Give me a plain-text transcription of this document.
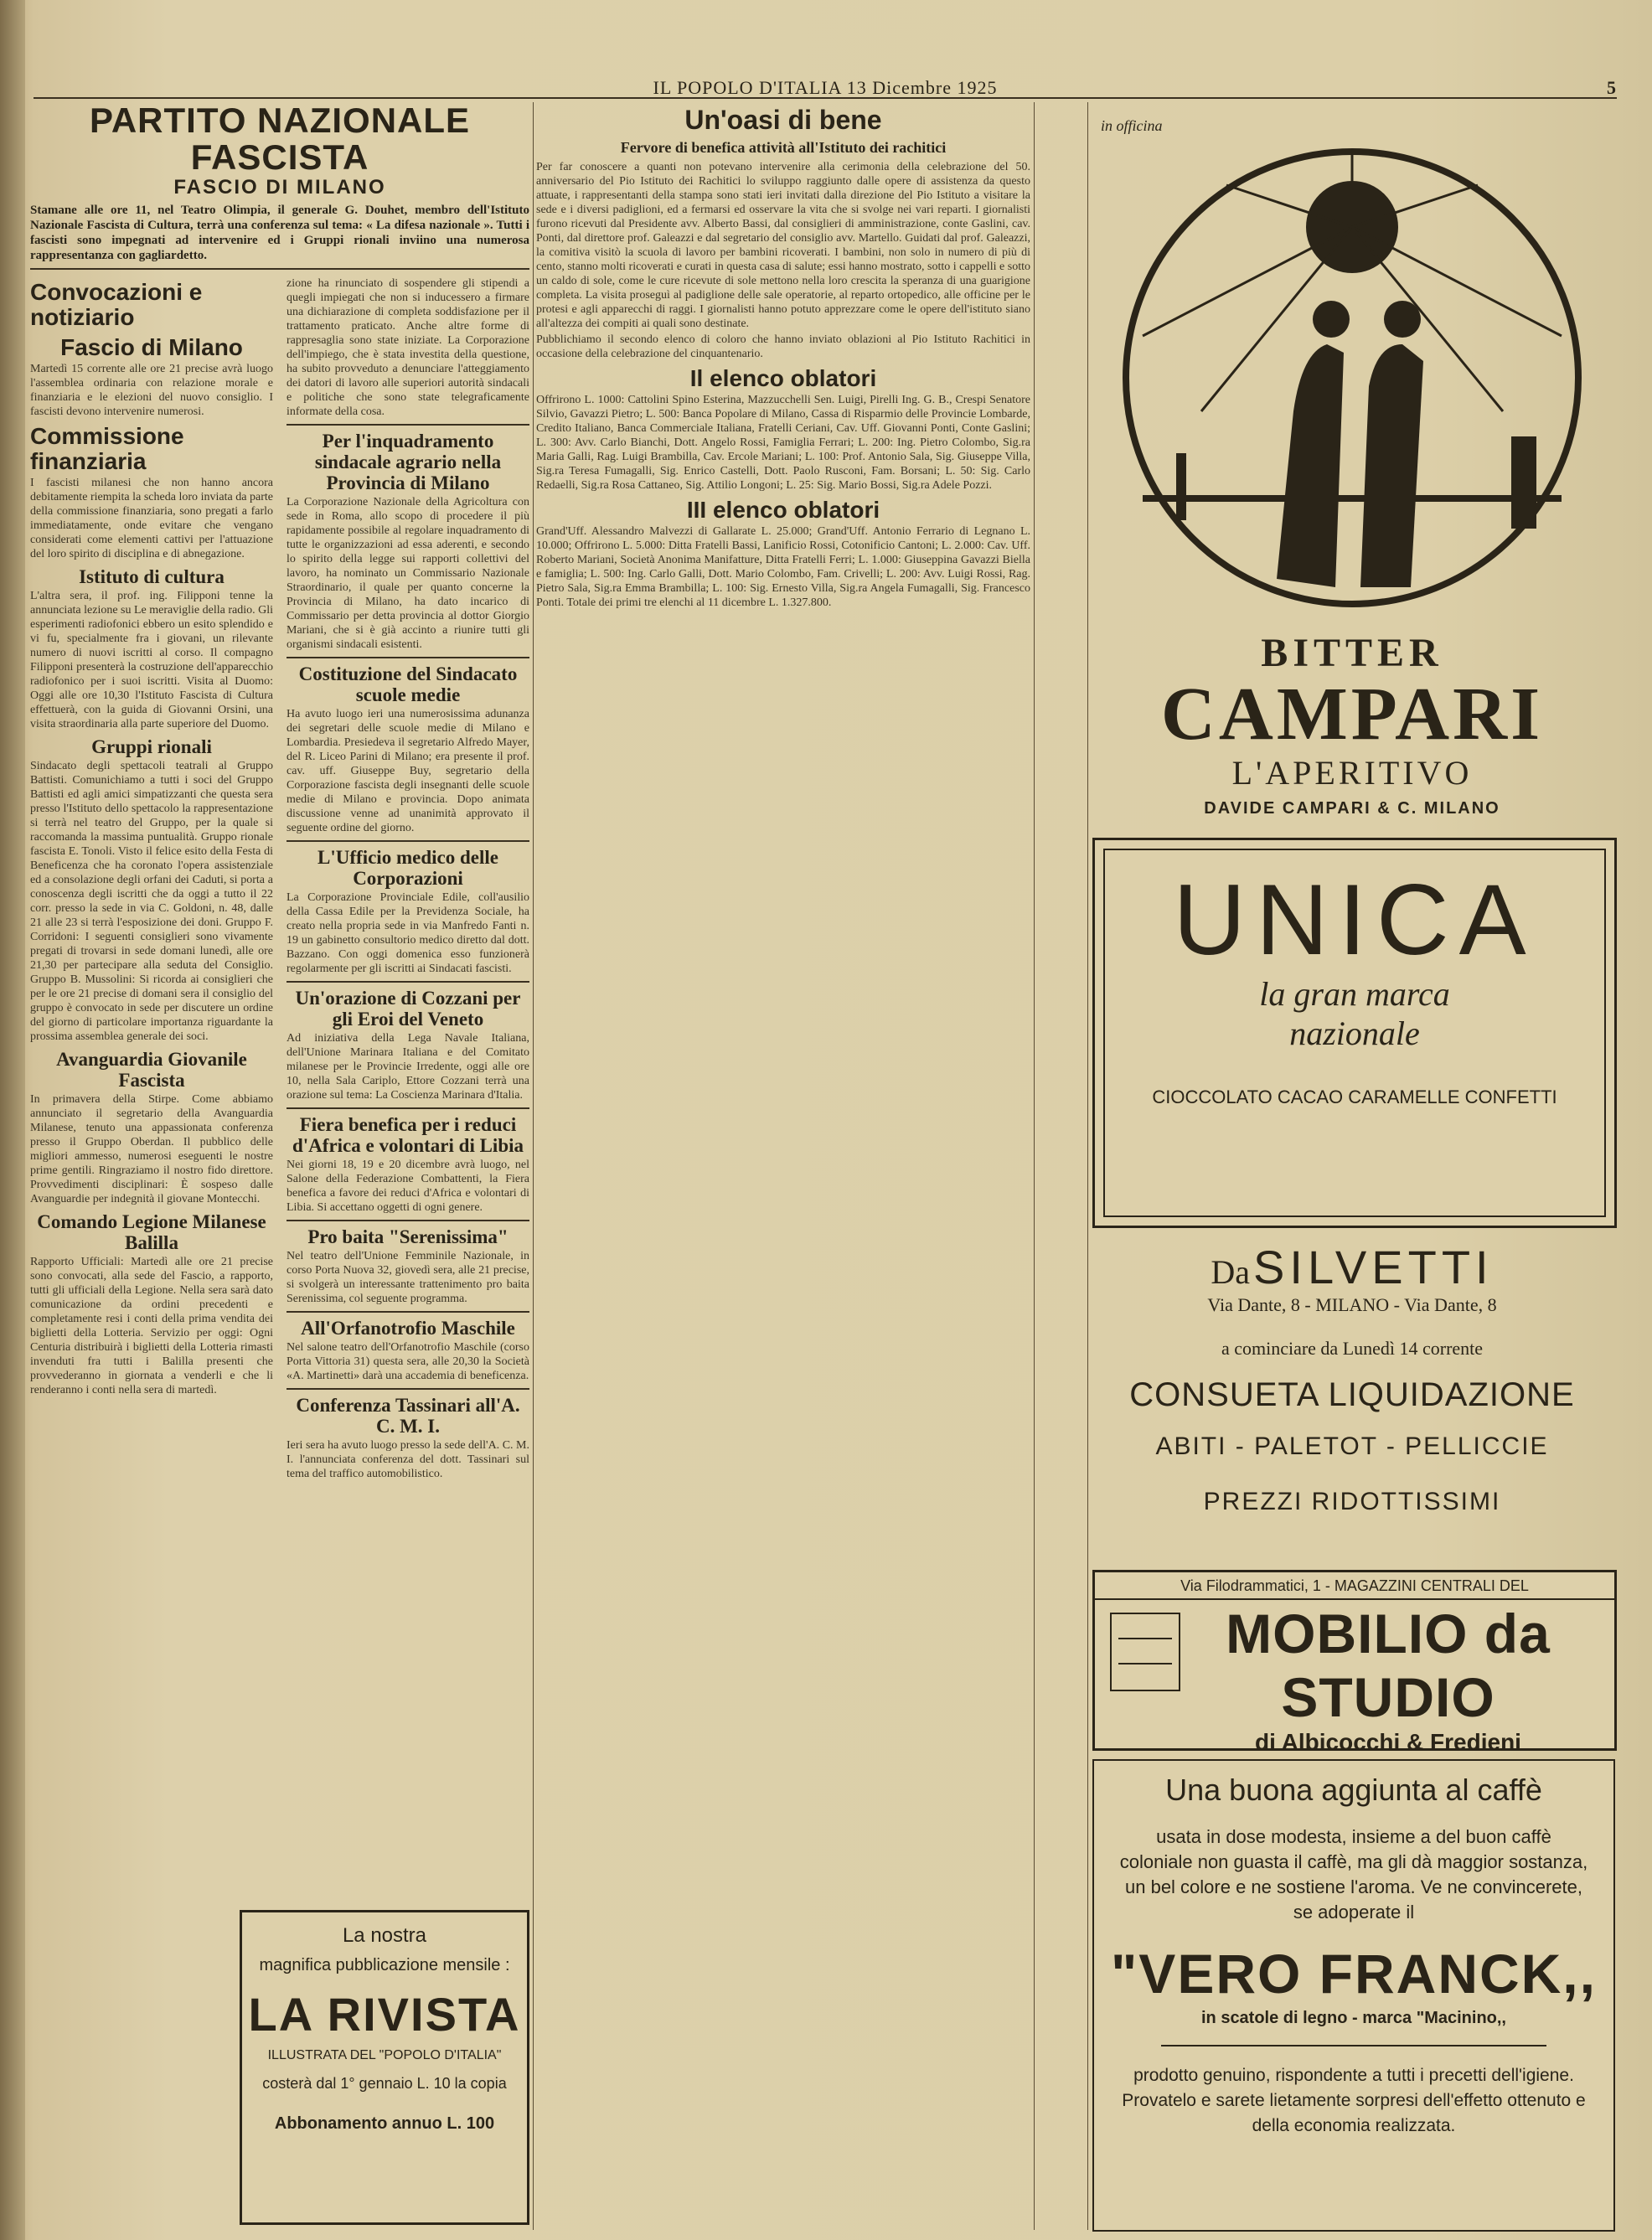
IL POPOLO D'ITALIA 13 Dicembre 1925	5
PARTITO NAZIONALE FASCISTA
FASCIO DI MILANO

Stamane alle ore 11, nel Teatro Olimpia, il generale G. Douhet, membro dell'Istituto Nazionale Fascista di Cultura, terrà una conferenza sul tema: « La difesa nazionale ». Tutti i fascisti sono impegnati ad intervenire ed i Gruppi rionali inviino una numerosa rappresentanza con gagliardetto.

Convocazioni e notiziario
Fascio di Milano

Martedì 15 corrente alle ore 21 precise avrà luogo l'assemblea ordinaria con relazione morale e finanziaria e le elezioni del nuovo consiglio. I fascisti devono intervenire numerosi.

Commissione finanziaria

I fascisti milanesi che non hanno ancora debitamente riempita la scheda loro inviata da parte della commissione finanziaria, sono pregati a farlo immediatamente, onde evitare che vengano considerati come elementi cattivi per l'attuazione del loro spirito di disciplina e di abnegazione.

Istituto di cultura

L'altra sera, il prof. ing. Filipponi tenne la annunciata lezione su Le meraviglie della radio. Gli esperimenti radiofonici ebbero un esito splendido e vi fu, specialmente fra i giovani, un rilevante numero di nuovi iscritti al corso. Il compagno Filipponi presenterà la costruzione dell'apparecchio radiofonico per i suoi iscritti. Visita al Duomo: Oggi alle ore 10,30 l'Istituto Fascista di Cultura effettuerà, con la guida di Giovanni Orsini, una visita straordinaria alla parte superiore del Duomo.

Gruppi rionali

Sindacato degli spettacoli teatrali al Gruppo Battisti. Comunichiamo a tutti i soci del Gruppo Battisti ed agli amici simpatizzanti che questa sera presso l'Istituto dello spettacolo la rappresentazione si terrà nel teatro del Gruppo, per la quale si raccomanda la massima puntualità. Gruppo rionale fascista E. Tonoli. Visto il felice esito della Festa di Beneficenza che ha coronato l'opera assistenziale ed a consolazione degli orfani dei Caduti, si porta a conoscenza degli iscritti che da oggi a tutto il 22 corr. presso la sede in via C. Goldoni, n. 48, dalle 21 alle 23 si terrà l'esposizione dei doni. Gruppo F. Corridoni: I seguenti consiglieri sono vivamente pregati di trovarsi in sede domani lunedì, alle ore 21,30 per partecipare alla seduta del Consiglio. Gruppo B. Mussolini: Si ricorda ai consiglieri che per le ore 21 precise di domani sera il consiglio del gruppo è convocato in sede per discutere un ordine del giorno di particolare importanza riguardante la prossima assemblea generale dei soci.

Avanguardia Giovanile Fascista

In primavera della Stirpe. Come abbiamo annunciato il segretario della Avanguardia Milanese, tenuto una appassionata conferenza presso il Gruppo Oberdan. Il pubblico delle migliori ammesso, numerosi eseguenti le nostre prime gentili. Ringraziamo il nostro fido direttore. Provvedimenti disciplinari: È sospeso dalle Avanguardie per indegnità il giovane Montecchi.

Comando Legione Milanese Balilla

Rapporto Ufficiali: Martedì alle ore 21 precise sono convocati, alla sede del Fascio, a rapporto, tutti gli ufficiali della Legione. Nella sera sarà dato comunicazione da ordini precedenti e completamente resi i conti della prima vendita dei biglietti della Lotteria. Servizio per oggi: Ogni Centuria distribuirà i biglietti della Lotteria rimasti invenduti fra tutti i Balilla presenti che provvederanno in giornata a venderli e che li renderanno i conti nella sera di martedì.

zione ha rinunciato di sospendere gli stipendi a quegli impiegati che non si inducessero a firmare una dichiarazione di completa soddisfazione per il trattamento praticato. Anche altre forme di rappresaglia sono state iniziate. La Corporazione dell'impiego, che è stata investita della questione, ha subito provveduto a denunciare l'atteggiamento dei datori di lavoro alle superiori autorità sindacali e politiche che sono state telegraficamente informate della cosa.

Per l'inquadramento sindacale agrario nella Provincia di Milano

La Corporazione Nazionale della Agricoltura con sede in Roma, allo scopo di procedere il più rapidamente possibile al regolare inquadramento di tutte le organizzazioni ad essa aderenti, e secondo lo spirito della legge sui rapporti collettivi del lavoro, ha nominato un Commissario Nazionale Straordinario, il quale per quanto concerne la Provincia di Milano, ha dato incarico di Commissario per detta provincia al dottor Giorgio Mariani, che si è già accinto a riunire tutti gli organismi sindacali esistenti.

Costituzione del Sindacato scuole medie

Ha avuto luogo ieri una numerosissima adunanza dei segretari delle scuole medie di Milano e Lombardia. Presiedeva il segretario Alfredo Mayer, del R. Liceo Parini di Milano; era presente il prof. cav. uff. Giuseppe Buy, segretario della Corporazione fascista degli insegnanti delle scuole medie di Milano e provincia. Dopo animata discussione venne ad unanimità approvato il seguente ordine del giorno.

L'Ufficio medico delle Corporazioni

La Corporazione Provinciale Edile, coll'ausilio della Cassa Edile per la Previdenza Sociale, ha creato nella propria sede in via Manfredo Fanti n. 19 un gabinetto consultorio medico diretto dal dott. Bazzano. Con oggi domenica esso funzionerà regolarmente per gli iscritti ai Sindacati fascisti.

Un'orazione di Cozzani per gli Eroi del Veneto

Ad iniziativa della Lega Navale Italiana, dell'Unione Marinara Italiana e del Comitato milanese per le Provincie Irredente, oggi alle ore 10, nella Sala Cariplo, Ettore Cozzani terrà una orazione sul tema: La Coscienza Marinara d'Italia.

Fiera benefica per i reduci d'Africa e volontari di Libia

Nei giorni 18, 19 e 20 dicembre avrà luogo, nel Salone della Federazione Combattenti, la Fiera benefica a favore dei reduci d'Africa e volontari di Libia. Si accettano oggetti di ogni genere.

Pro baita "Serenissima"

Nel teatro dell'Unione Femminile Nazionale, in corso Porta Nuova 32, giovedì sera, alle 21 precise, si svolgerà un interessante trattenimento pro baita Serenissima, col seguente programma.

All'Orfanotrofio Maschile

Nel salone teatro dell'Orfanotrofio Maschile (corso Porta Vittoria 31) questa sera, alle 20,30 la Società «A. Martinetti» darà una accademia di beneficenza.

Conferenza Tassinari all'A. C. M. I.

Ieri sera ha avuto luogo presso la sede dell'A. C. M. I. l'annunciata conferenza del dott. Tassinari sul tema del traffico automobilistico.

Un'oasi di bene
Fervore di benefica attività all'Istituto dei rachitici

Per far conoscere a quanti non potevano intervenire alla cerimonia della celebrazione del 50. anniversario del Pio Istituto dei Rachitici lo sviluppo raggiunto dalle opere di assistenza da questo attuate, i rappresentanti della stampa sono stati ieri invitati dalla direzione del Pio Istituto a visitare la sede e i diversi padiglioni, ed a fermarsi ed osservare la vita che si svolge nei vari reparti. I giornalisti furono ricevuti dal Presidente avv. Alberto Bassi, dal consiglieri di amministrazione, conte Gaslini, cav. Ponti, dal direttore prof. Galeazzi e dal segretario del consiglio avv. Martello. Guidati dal prof. Galeazzi, la comitiva visitò la scuola di lavoro per bambini ricoverati. I bambini, non solo in numero di più di cento, stanno molti ricoverati e curati in questa casa di salute; essi hanno mostrato, sotto i cappelli e sotto un caldo di sole, come le cure ricevute di sole mettono nella loro crescita la speranza di una guarigione completa. La visita proseguì al padiglione delle sale operatorie, al reparto ortopedico, alle officine per le protesi e agli apparecchi di raggi. I giornalisti hanno potuto apprezzare come le opere dell'istituto siano all'altezza dei compiti ai quali sono destinate.

Pubblichiamo il secondo elenco di coloro che hanno inviato oblazioni al Pio Istituto Rachitici in occasione della celebrazione del cinquantenario.

Il elenco oblatori

Offrirono L. 1000: Cattolini Spino Esterina, Mazzucchelli Sen. Luigi, Pirelli Ing. G. B., Crespi Senatore Silvio, Gavazzi Pietro; L. 500: Banca Popolare di Milano, Cassa di Risparmio delle Provincie Lombarde, Credito Italiano, Banca Commerciale Italiana, Fratelli Ceriani, Cav. Uff. Giovanni Ponti, Conte Gaslini; L. 300: Avv. Carlo Bianchi, Dott. Angelo Rossi, Famiglia Ferrari; L. 200: Ing. Pietro Colombo, Sig.ra Maria Galli, Rag. Luigi Brambilla, Cav. Ercole Mariani; L. 100: Prof. Antonio Sala, Sig. Giuseppe Villa, Sig.ra Teresa Fumagalli, Sig. Enrico Castelli, Dott. Paolo Rusconi, Fam. Borsani; L. 50: Sig. Carlo Redaelli, Sig.ra Rosa Cattaneo, Sig. Attilio Longoni; L. 25: Sig. Mario Bossi, Sig.ra Adele Pozzi.

III elenco oblatori

Grand'Uff. Alessandro Malvezzi di Gallarate L. 25.000; Grand'Uff. Antonio Ferrario di Legnano L. 10.000; Offrirono L. 5.000: Ditta Fratelli Bassi, Lanificio Rossi, Cotonificio Cantoni; L. 2.000: Cav. Uff. Roberto Mariani, Società Anonima Manifatture, Ditta Fratelli Ferri; L. 1.000: Giuseppina Gavazzi Biella e famiglia; L. 500: Ing. Carlo Galli, Dott. Mario Colombo, Fam. Crivelli; L. 200: Avv. Luigi Rossi, Rag. Pietro Sala, Sig.ra Emma Brambilla; L. 100: Sig. Ernesto Villa, Sig.ra Angela Fumagalli, Sig. Francesco Ponti. Totale dei primi tre elenchi al 11 dicembre L. 1.327.800.

La nostra
magnifica pubblicazione mensile :
LA RIVISTA
ILLUSTRATA DEL "POPOLO D'ITALIA"
costerà dal 1° gennaio L. 10 la copia
Abbonamento annuo L. 100
in officina
BITTER
CAMPARI
L'APERITIVO
DAVIDE CAMPARI & C. MILANO
UNICA
la gran marca
nazionale
CIOCCOLATO CACAO CARAMELLE CONFETTI
Da SILVETTI
Via Dante, 8 - MILANO - Via Dante, 8
a cominciare da Lunedì 14 corrente
CONSUETA LIQUIDAZIONE
ABITI - PALETOT - PELLICCIE
PREZZI RIDOTTISSIMI
Via Filodrammatici, 1 - MAGAZZINI CENTRALI DEL
MOBILIO da STUDIO
di Albicocchi & Fredieni
Una buona aggiunta al caffè

usata in dose modesta, insieme a del buon caffè coloniale non guasta il caffè, ma gli dà maggior sostanza, un bel colore e ne sostiene l'aroma. Ve ne convincerete, se adoperate il

"VERO FRANCK,,
in scatole di legno - marca "Macinino,,

prodotto genuino, rispondente a tutti i precetti dell'igiene. Provatelo e sarete lietamente sorpresi dell'effetto ottenuto e della economia realizzata.
